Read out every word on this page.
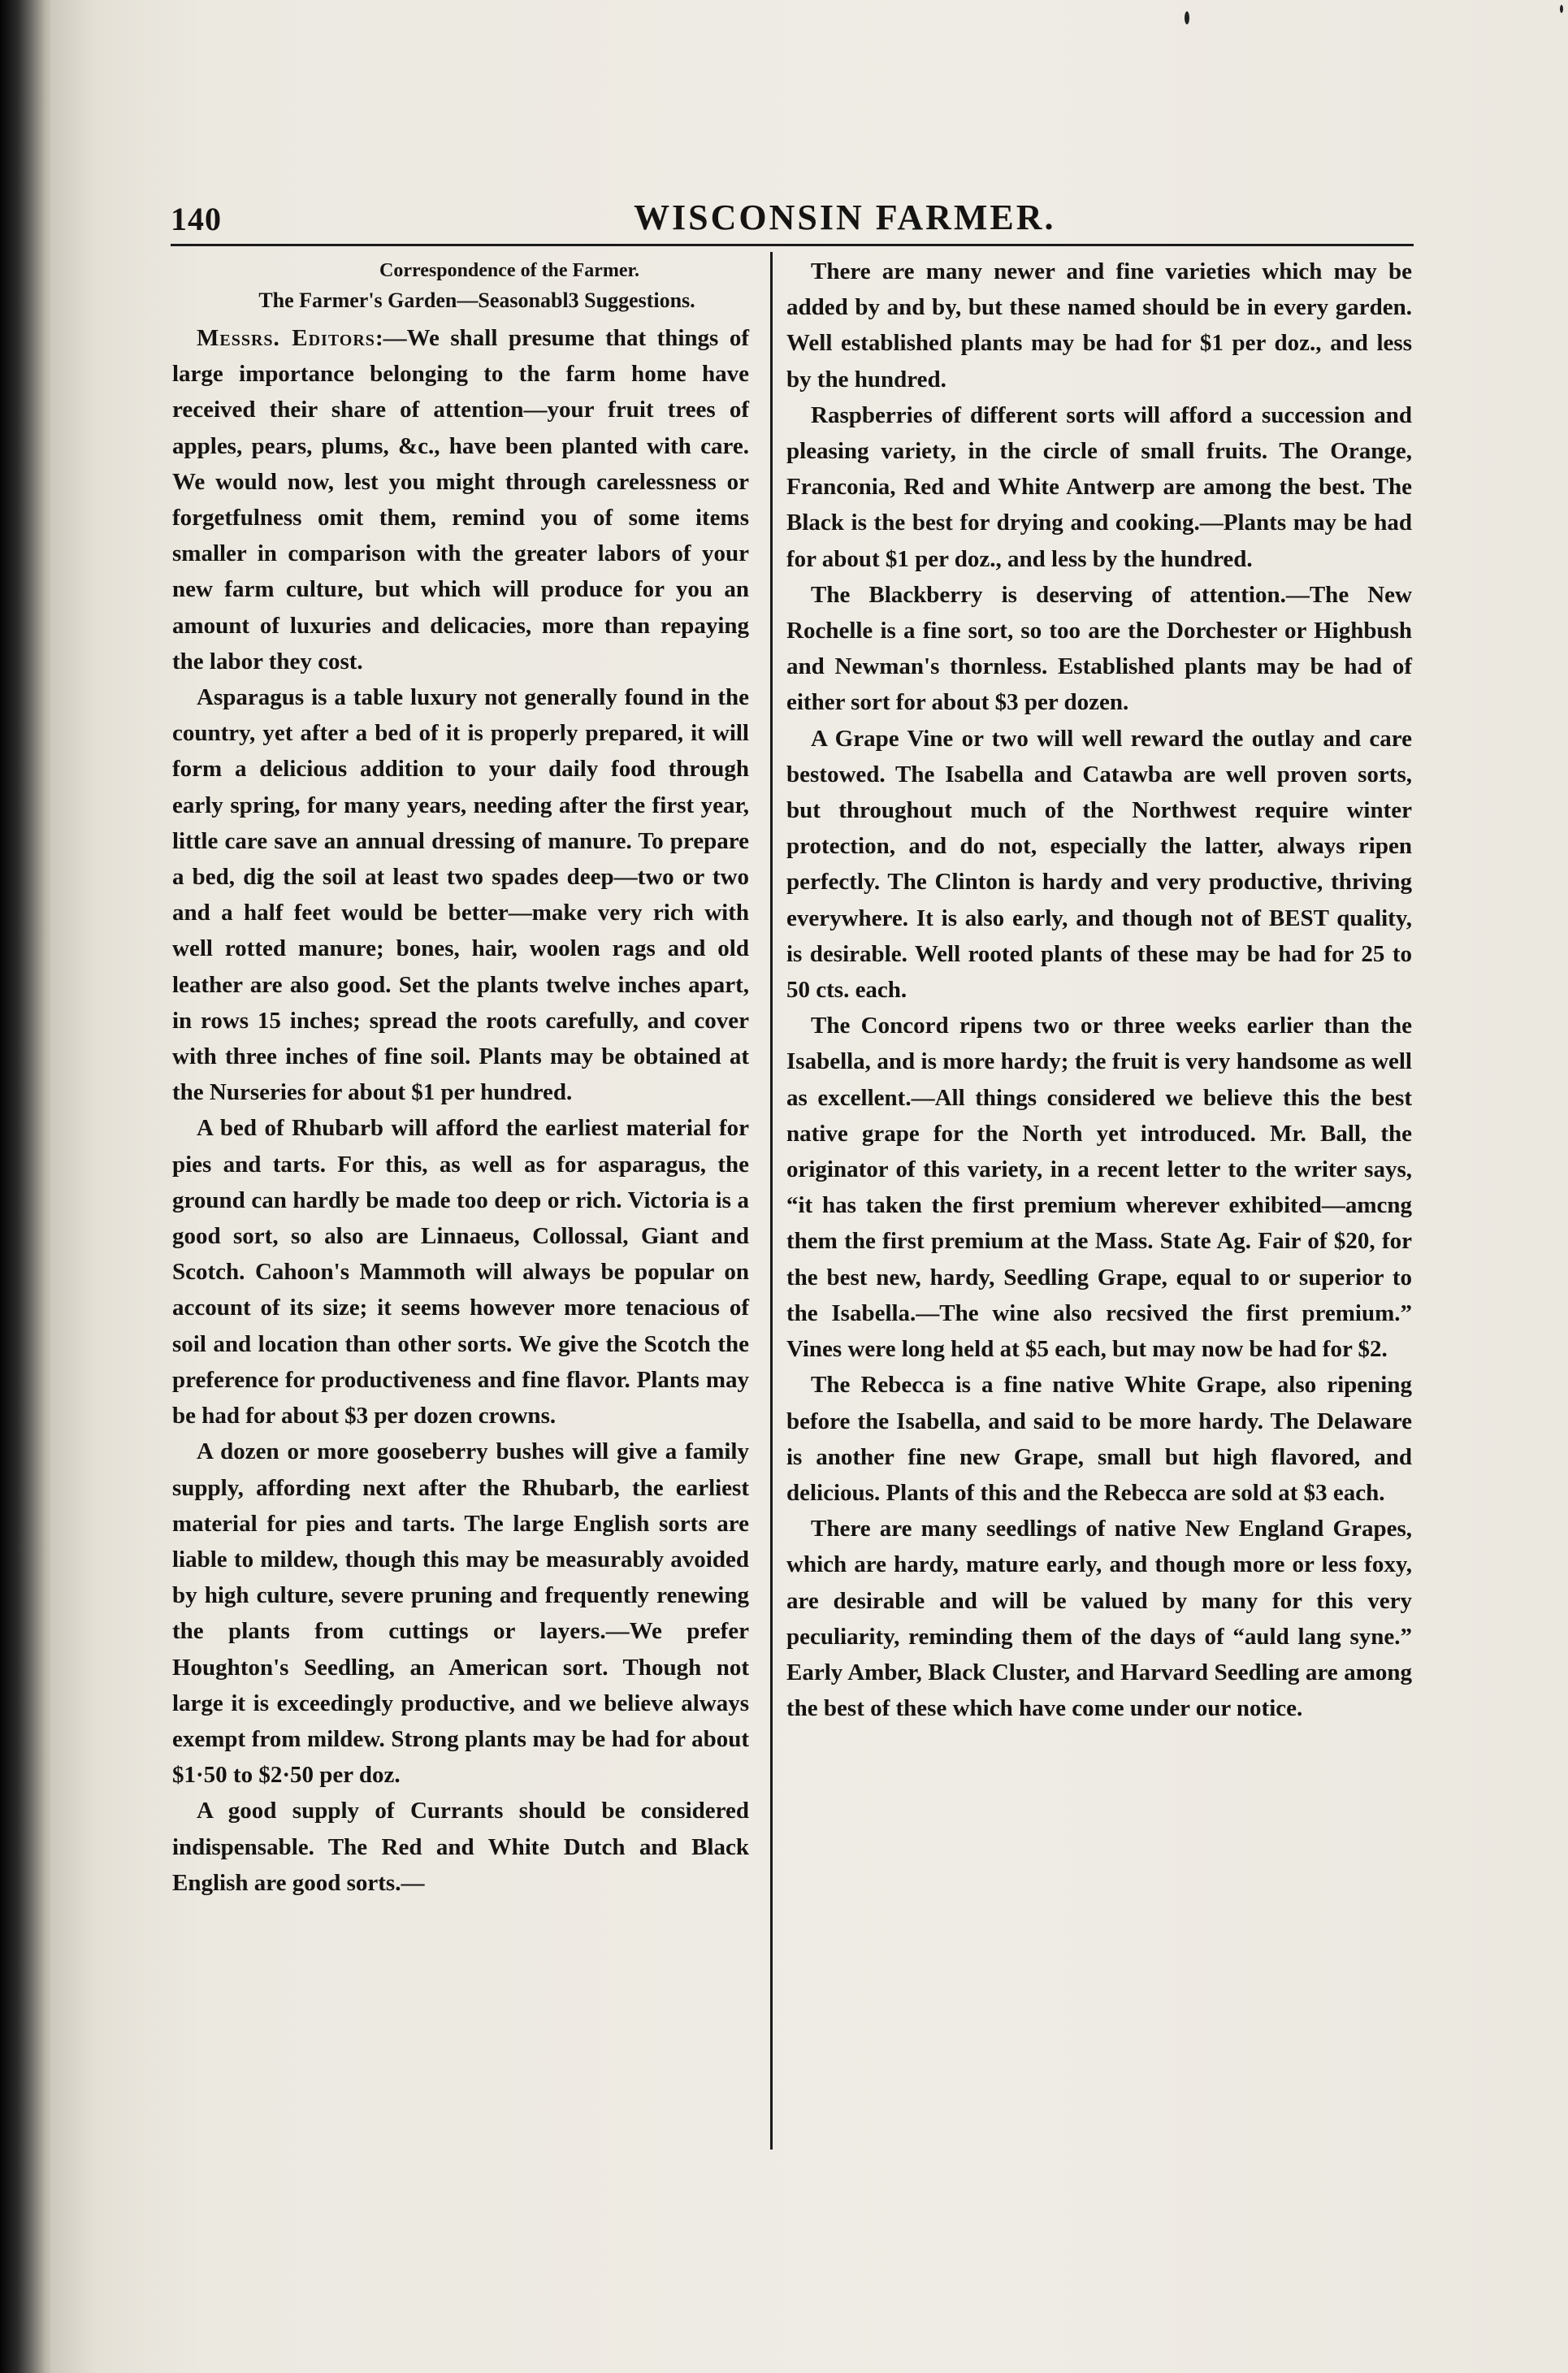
140	WISCONSIN FARMER.
Correspondence of the Farmer.
The Farmer's Garden—Seasonabl3 Suggestions.

Messrs. Editors:—We shall presume that things of large importance belonging to the farm home have received their share of attention—your fruit trees of apples, pears, plums, &c., have been planted with care. We would now, lest you might through carelessness or forgetfulness omit them, remind you of some items smaller in comparison with the greater labors of your new farm culture, but which will produce for you an amount of luxuries and delicacies, more than repaying the labor they cost.

Asparagus is a table luxury not generally found in the country, yet after a bed of it is properly prepared, it will form a delicious addition to your daily food through early spring, for many years, needing after the first year, little care save an annual dressing of manure. To prepare a bed, dig the soil at least two spades deep—two or two and a half feet would be better—make very rich with well rotted manure; bones, hair, woolen rags and old leather are also good. Set the plants twelve inches apart, in rows 15 inches; spread the roots carefully, and cover with three inches of fine soil. Plants may be obtained at the Nurseries for about $1 per hundred.

A bed of Rhubarb will afford the earliest material for pies and tarts. For this, as well as for asparagus, the ground can hardly be made too deep or rich. Victoria is a good sort, so also are Linnaeus, Collossal, Giant and Scotch. Cahoon's Mammoth will always be popular on account of its size; it seems however more tenacious of soil and location than other sorts. We give the Scotch the preference for productiveness and fine flavor. Plants may be had for about $3 per dozen crowns.

A dozen or more gooseberry bushes will give a family supply, affording next after the Rhubarb, the earliest material for pies and tarts. The large English sorts are liable to mildew, though this may be measurably avoided by high culture, severe pruning and frequently renewing the plants from cuttings or layers.—We prefer Houghton's Seedling, an American sort. Though not large it is exceedingly productive, and we believe always exempt from mildew. Strong plants may be had for about $1·50 to $2·50 per doz.

A good supply of Currants should be considered indispensable. The Red and White Dutch and Black English are good sorts.—

There are many newer and fine varieties which may be added by and by, but these named should be in every garden. Well established plants may be had for $1 per doz., and less by the hundred.

Raspberries of different sorts will afford a succession and pleasing variety, in the circle of small fruits. The Orange, Franconia, Red and White Antwerp are among the best. The Black is the best for drying and cooking.—Plants may be had for about $1 per doz., and less by the hundred.

The Blackberry is deserving of attention.—The New Rochelle is a fine sort, so too are the Dorchester or Highbush and Newman's thornless. Established plants may be had of either sort for about $3 per dozen.

A Grape Vine or two will well reward the outlay and care bestowed. The Isabella and Catawba are well proven sorts, but throughout much of the Northwest require winter protection, and do not, especially the latter, always ripen perfectly. The Clinton is hardy and very productive, thriving everywhere. It is also early, and though not of BEST quality, is desirable. Well rooted plants of these may be had for 25 to 50 cts. each.

The Concord ripens two or three weeks earlier than the Isabella, and is more hardy; the fruit is very handsome as well as excellent.—All things considered we believe this the best native grape for the North yet introduced. Mr. Ball, the originator of this variety, in a recent letter to the writer says, “it has taken the first premium wherever exhibited—amcng them the first premium at the Mass. State Ag. Fair of $20, for the best new, hardy, Seedling Grape, equal to or superior to the Isabella.—The wine also recsived the first premium.” Vines were long held at $5 each, but may now be had for $2.

The Rebecca is a fine native White Grape, also ripening before the Isabella, and said to be more hardy. The Delaware is another fine new Grape, small but high flavored, and delicious. Plants of this and the Rebecca are sold at $3 each.

There are many seedlings of native New England Grapes, which are hardy, mature early, and though more or less foxy, are desirable and will be valued by many for this very peculiarity, reminding them of the days of “auld lang syne.” Early Amber, Black Cluster, and Harvard Seedling are among the best of these which have come under our notice.
